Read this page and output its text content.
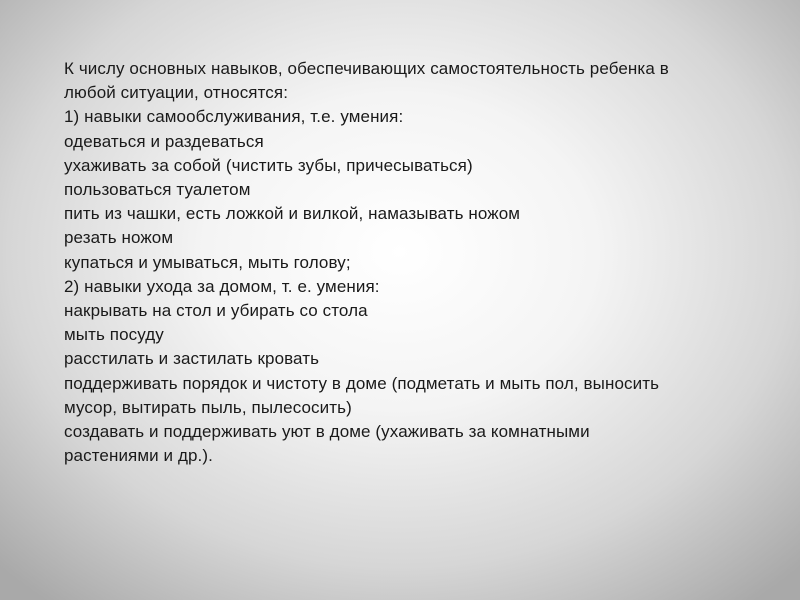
К числу основных навыков, обеспечивающих самостоятельность ребенка в
любой ситуации, относятся:
1) навыки самообслуживания, т.е. умения:
одеваться и раздеваться
ухаживать за собой (чистить зубы, причесываться)
пользоваться туалетом
пить из чашки, есть ложкой и вилкой, намазывать ножом
резать ножом
купаться и умываться, мыть голову;
2) навыки ухода за домом, т. е. умения:
накрывать на стол и убирать со стола
мыть посуду
расстилать и застилать кровать
поддерживать порядок и чистоту в доме (подметать и мыть пол, выносить
мусор, вытирать пыль, пылесосить)
создавать и поддерживать уют в доме (ухаживать за комнатными
растениями и др.).
